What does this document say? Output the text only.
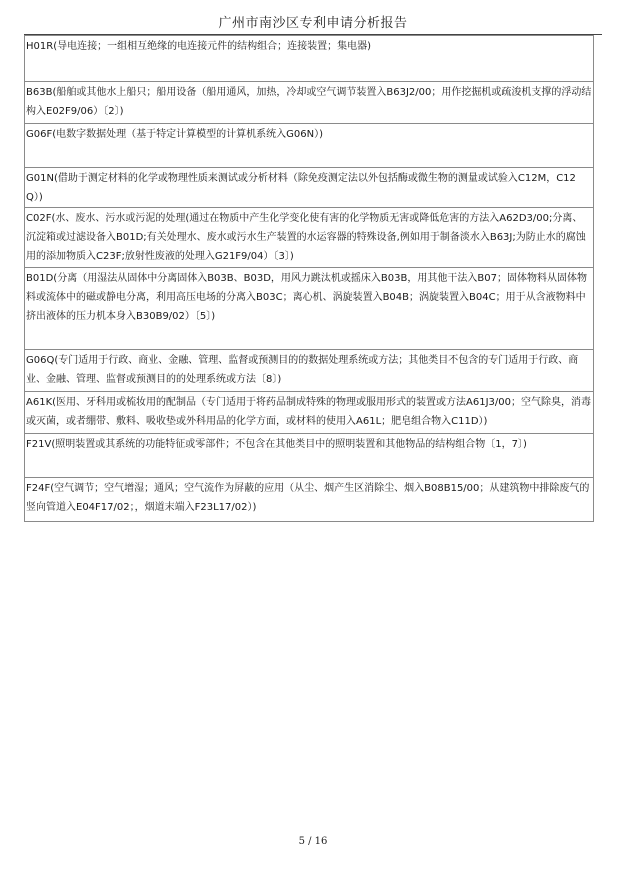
广州市南沙区专利申请分析报告
H01R(导电连接；一组相互绝缘的电连接元件的结构组合；连接装置；集电器)
B63B(船舶或其他水上船只；船用设备（船用通风，加热，冷却或空气调节装置入B63J2/00；用作挖掘机或疏浚机支撑的浮动结构入E02F9/06）〔2〕)
G06F(电数字数据处理（基于特定计算模型的计算机系统入G06N）)
G01N(借助于测定材料的化学或物理性质来测试或分析材料（除免疫测定法以外包括酶或微生物的测量或试验入C12M，C12Q）)
C02F(水、废水、污水或污泥的处理(通过在物质中产生化学变化使有害的化学物质无害或降低危害的方法入A62D3/00;分离、沉淀箱或过滤设备入B01D;有关处理水、废水或污水生产装置的水运容器的特殊设备,例如用于制备淡水入B63J;为防止水的腐蚀用的添加物质入C23F;放射性废液的处理入G21F9/04）〔3〕)
B01D(分离（用湿法从固体中分离固体入B03B、B03D，用风力跳汰机或摇床入B03B，用其他干法入B07；固体物料从固体物料或流体中的磁或静电分离，利用高压电场的分离入B03C；离心机、涡旋装置入B04B；涡旋装置入B04C；用于从含液物料中挤出液体的压力机本身入B30B9/02）〔5〕)
G06Q(专门适用于行政、商业、金融、管理、监督或预测目的的数据处理系统或方法；其他类目不包含的专门适用于行政、商业、金融、管理、监督或预测目的的处理系统或方法〔8〕)
A61K(医用、牙科用或梳妆用的配制品（专门适用于将药品制成特殊的物理或服用形式的装置或方法A61J3/00；空气除臭，消毒或灭菌，或者绷带、敷料、吸收垫或外科用品的化学方面，或材料的使用入A61L；肥皂组合物入C11D）)
F21V(照明装置或其系统的功能特征或零部件；不包含在其他类目中的照明装置和其他物品的结构组合物〔1，7〕)
F24F(空气调节；空气增湿；通风；空气流作为屏蔽的应用（从尘、烟产生区消除尘、烟入B08B15/00；从建筑物中排除废气的竖向管道入E04F17/02；，烟道末端入F23L17/02）)
5 / 16
